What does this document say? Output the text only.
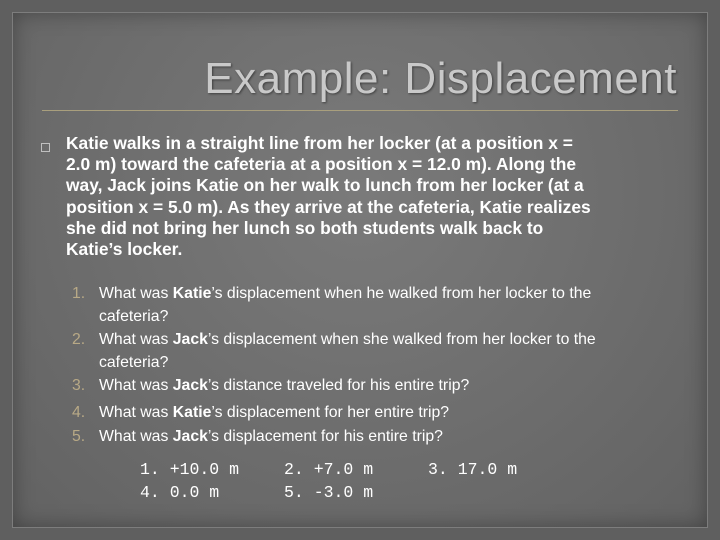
Example: Displacement
Katie walks in a straight line from her locker (at a position x =
2.0 m) toward the cafeteria at a position x = 12.0 m). Along the
way, Jack joins Katie on her walk to lunch from her locker (at a
position x = 5.0 m). As they arrive at the cafeteria, Katie realizes
she did not bring her lunch so both students walk back to
Katie’s locker.
1. What was Katie’s displacement when he walked from her locker to the
cafeteria?
2. What was Jack’s displacement when she walked from her locker to the
cafeteria?
3. What was Jack’s distance traveled for his entire trip?
4. What was Katie’s displacement for her entire trip?
5. What was Jack’s displacement for his entire trip?
1. +10.0 m	2. +7.0 m	3. 17.0 m
4. 0.0 m	5. -3.0 m
